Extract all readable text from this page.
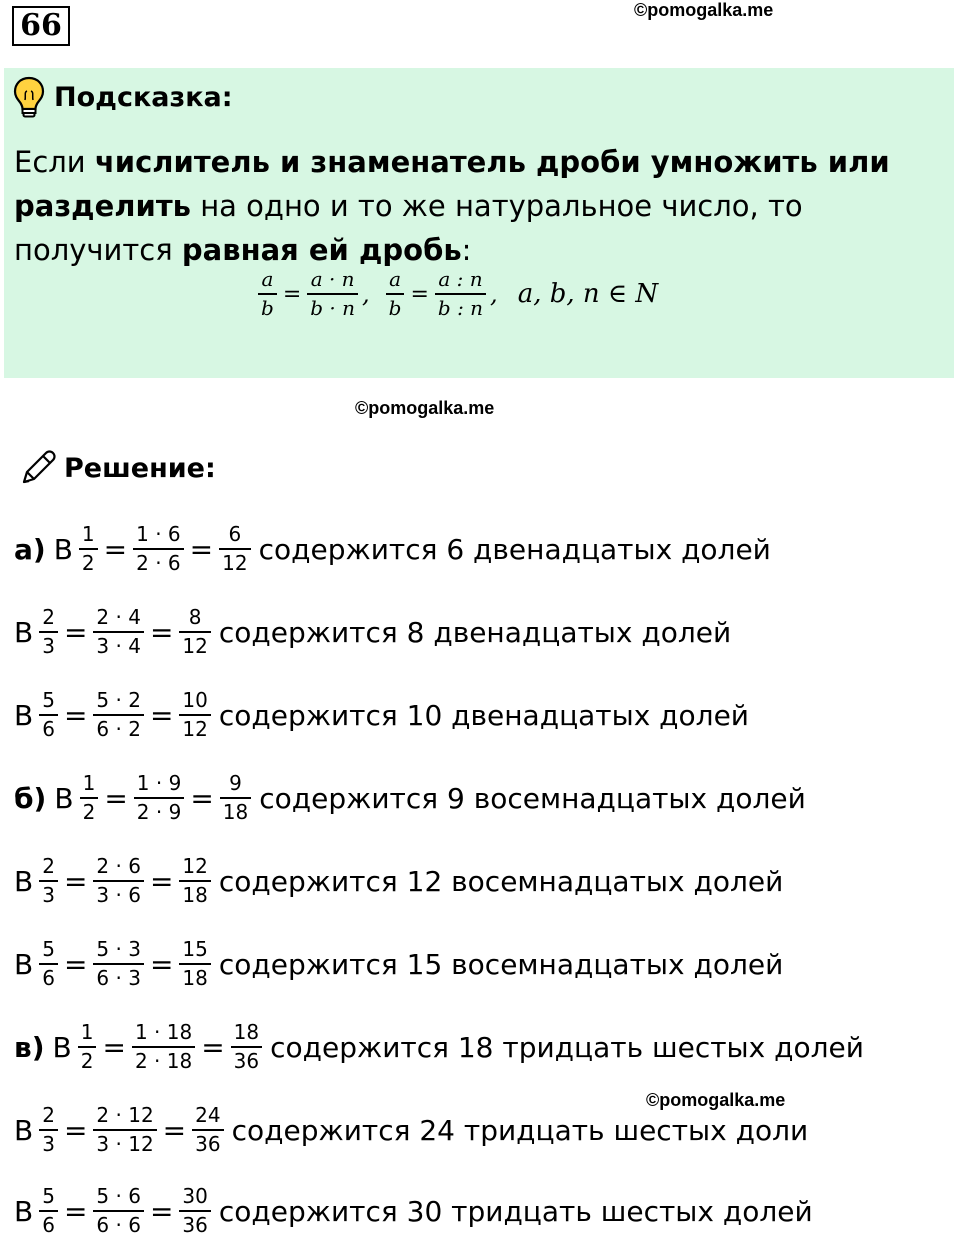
66	©pomogalka.me
Подсказка:
Если числитель и знаменатель дроби умножить или разделить на одно и то же натуральное число, то получится равная ей дробь:
$\frac{a}{b} = \frac{a \cdot n}{b \cdot n}$ , $\frac{a}{b} = \frac{a : n}{b : n}$ , a, b, n ∈ N
©pomogalka.me
Решение:
а) В $\frac{1}{2} = \frac{1 \cdot 6}{2 \cdot 6} = \frac{6}{12}$ содержится 6 двенадцатых долей
В $\frac{2}{3} = \frac{2 \cdot 4}{3 \cdot 4} = \frac{8}{12}$ содержится 8 двенадцатых долей
В $\frac{5}{6} = \frac{5 \cdot 2}{6 \cdot 2} = \frac{10}{12}$ содержится 10 двенадцатых долей
б) В $\frac{1}{2} = \frac{1 \cdot 9}{2 \cdot 9} = \frac{9}{18}$ содержится 9 восемнадцатых долей
В $\frac{2}{3} = \frac{2 \cdot 6}{3 \cdot 6} = \frac{12}{18}$ содержится 12 восемнадцатых долей
В $\frac{5}{6} = \frac{5 \cdot 3}{6 \cdot 3} = \frac{15}{18}$ содержится 15 восемнадцатых долей
в) В $\frac{1}{2} = \frac{1 \cdot 18}{2 \cdot 18} = \frac{18}{36}$ содержится 18 тридцать шестых долей
©pomogalka.me
В $\frac{2}{3} = \frac{2 \cdot 12}{3 \cdot 12} = \frac{24}{36}$ содержится 24 тридцать шестых доли
В $\frac{5}{6} = \frac{5 \cdot 6}{6 \cdot 6} = \frac{30}{36}$ содержится 30 тридцать шестых долей
